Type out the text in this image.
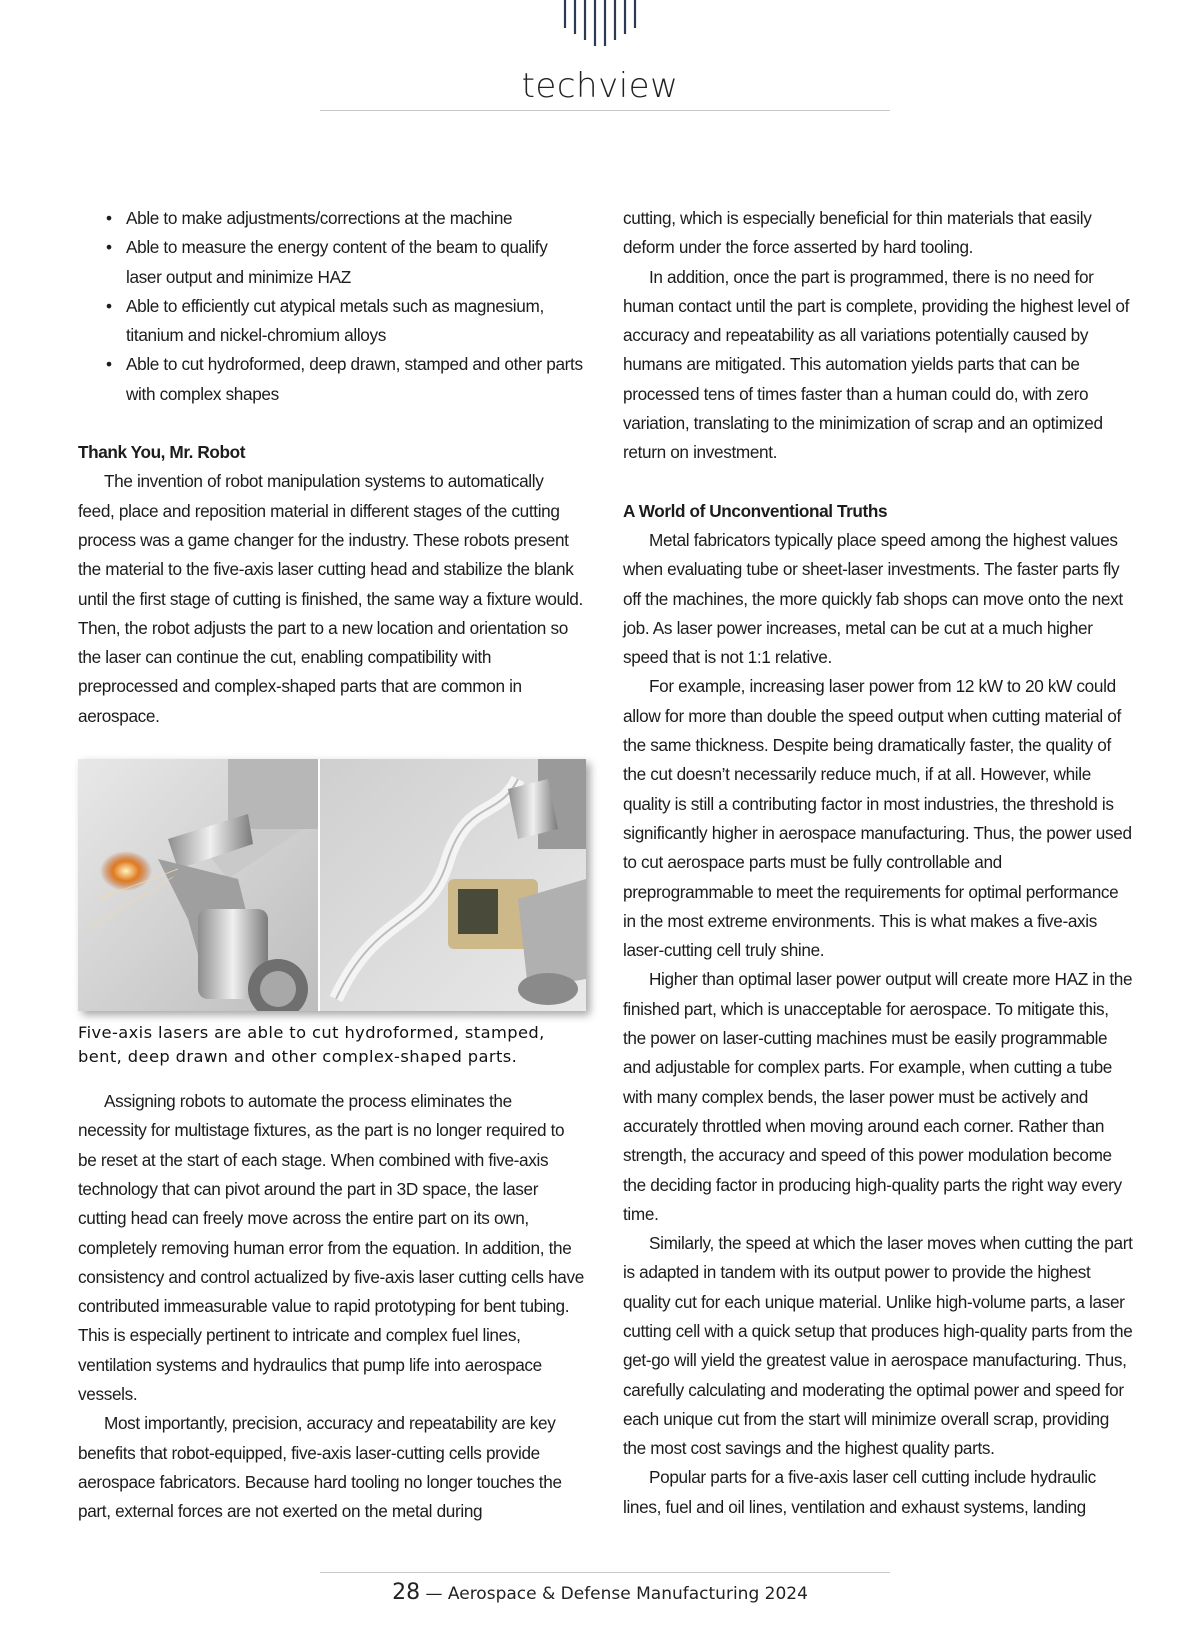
techview
• Able to make adjustments/corrections at the machine
• Able to measure the energy content of the beam to qualify laser output and minimize HAZ
• Able to efficiently cut atypical metals such as magnesium, titanium and nickel-chromium alloys
• Able to cut hydroformed, deep drawn, stamped and other parts with complex shapes
Thank You, Mr. Robot

The invention of robot manipulation systems to automatically feed, place and reposition material in different stages of the cutting process was a game changer for the industry. These robots present the material to the five-axis laser cutting head and stabilize the blank until the first stage of cutting is finished, the same way a fixture would. Then, the robot adjusts the part to a new location and orientation so the laser can continue the cut, enabling compatibility with preprocessed and complex-shaped parts that are common in aerospace.

Five-axis lasers are able to cut hydroformed, stamped, bent, deep drawn and other complex-shaped parts.

Assigning robots to automate the process eliminates the necessity for multistage fixtures, as the part is no longer required to be reset at the start of each stage. When combined with five-axis technology that can pivot around the part in 3D space, the laser cutting head can freely move across the entire part on its own, completely removing human error from the equation. In addition, the consistency and control actualized by five-axis laser cutting cells have contributed immeasurable value to rapid prototyping for bent tubing. This is especially pertinent to intricate and complex fuel lines, ventilation systems and hydraulics that pump life into aerospace vessels.

Most importantly, precision, accuracy and repeatability are key benefits that robot-equipped, five-axis laser-cutting cells provide aerospace fabricators. Because hard tooling no longer touches the part, external forces are not exerted on the metal during

cutting, which is especially beneficial for thin materials that easily deform under the force asserted by hard tooling.

In addition, once the part is programmed, there is no need for human contact until the part is complete, providing the highest level of accuracy and repeatability as all variations potentially caused by humans are mitigated. This automation yields parts that can be processed tens of times faster than a human could do, with zero variation, translating to the minimization of scrap and an optimized return on investment.

A World of Unconventional Truths

Metal fabricators typically place speed among the highest values when evaluating tube or sheet-laser investments. The faster parts fly off the machines, the more quickly fab shops can move onto the next job. As laser power increases, metal can be cut at a much higher speed that is not 1:1 relative.

For example, increasing laser power from 12 kW to 20 kW could allow for more than double the speed output when cutting material of the same thickness. Despite being dramatically faster, the quality of the cut doesn’t necessarily reduce much, if at all. However, while quality is still a contributing factor in most industries, the threshold is significantly higher in aerospace manufacturing. Thus, the power used to cut aerospace parts must be fully controllable and preprogrammable to meet the requirements for optimal performance in the most extreme environments. This is what makes a five-axis laser-cutting cell truly shine.

Higher than optimal laser power output will create more HAZ in the finished part, which is unacceptable for aerospace. To mitigate this, the power on laser-cutting machines must be easily programmable and adjustable for complex parts. For example, when cutting a tube with many complex bends, the laser power must be actively and accurately throttled when moving around each corner. Rather than strength, the accuracy and speed of this power modulation become the deciding factor in producing high-quality parts the right way every time.

Similarly, the speed at which the laser moves when cutting the part is adapted in tandem with its output power to provide the highest quality cut for each unique material. Unlike high-volume parts, a laser cutting cell with a quick setup that produces high-quality parts from the get-go will yield the greatest value in aerospace manufacturing. Thus, carefully calculating and moderating the optimal power and speed for each unique cut from the start will minimize overall scrap, providing the most cost savings and the highest quality parts.

Popular parts for a five-axis laser cell cutting include hydraulic lines, fuel and oil lines, ventilation and exhaust systems, landing

28 — Aerospace & Defense Manufacturing 2024
